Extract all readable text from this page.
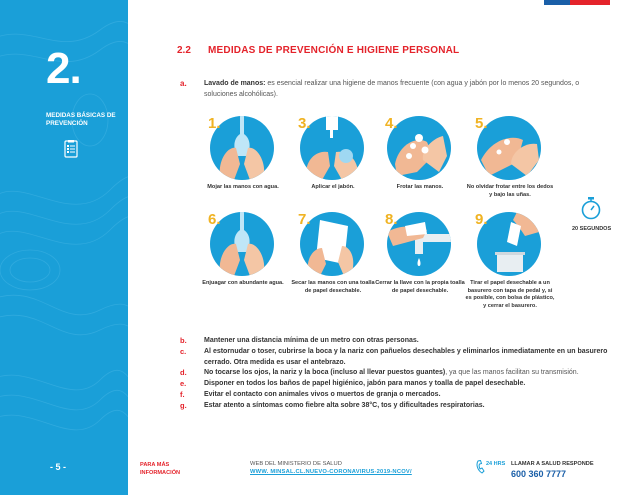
2.
MEDIDAS BÁSICAS DE PREVENCIÓN
- 5 -
2.2 MEDIDAS DE PREVENCIÓN E HIGIENE PERSONAL
a. Lavado de manos: es esencial realizar una higiene de manos frecuente (con agua y jabón por lo menos 20 segundos, o soluciones alcohólicas).
1.
Mojar las manos con agua.
3.
Aplicar el jabón.
4.
Frotar las manos.
5.
No olvidar frotar entre los dedos y bajo las uñas.
20 SEGUNDOS
6.
Enjuagar con abundante agua.
7.
Secar las manos con una toalla de papel desechable.
8.
Cerrar la llave con la propia toalla de papel desechable.
9.
Tirar el papel desechable a un basurero con tapa de pedal y, si es posible, con bolsa de plástico, y cerrar el basurero.
b. Mantener una distancia mínima de un metro con otras personas.
c.	Al estornudar o toser, cubrirse la boca y la nariz con pañuelos desechables y eliminarlos inmediatamente en un basurero cerrado. Otra medida es usar el antebrazo.
d. No tocarse los ojos, la nariz y la boca (incluso al llevar puestos guantes), ya que las manos facilitan su transmisión.
e.	Disponer en todos los baños de papel higiénico, jabón para manos y toalla de papel desechable.
f.	Evitar el contacto con animales vivos o muertos de granja o mercados.
g. Estar atento a síntomas como fiebre alta sobre 38°C, tos y dificultades respiratorias.
PARA MÁS INFORMACIÓN
WEB DEL MINISTERIO DE SALUD
WWW. MINSAL.CL.NUEVO-CORONAVIRUS-2019-NCOV/
24 HRS LLAMAR A SALUD RESPONDE
600 360 7777
